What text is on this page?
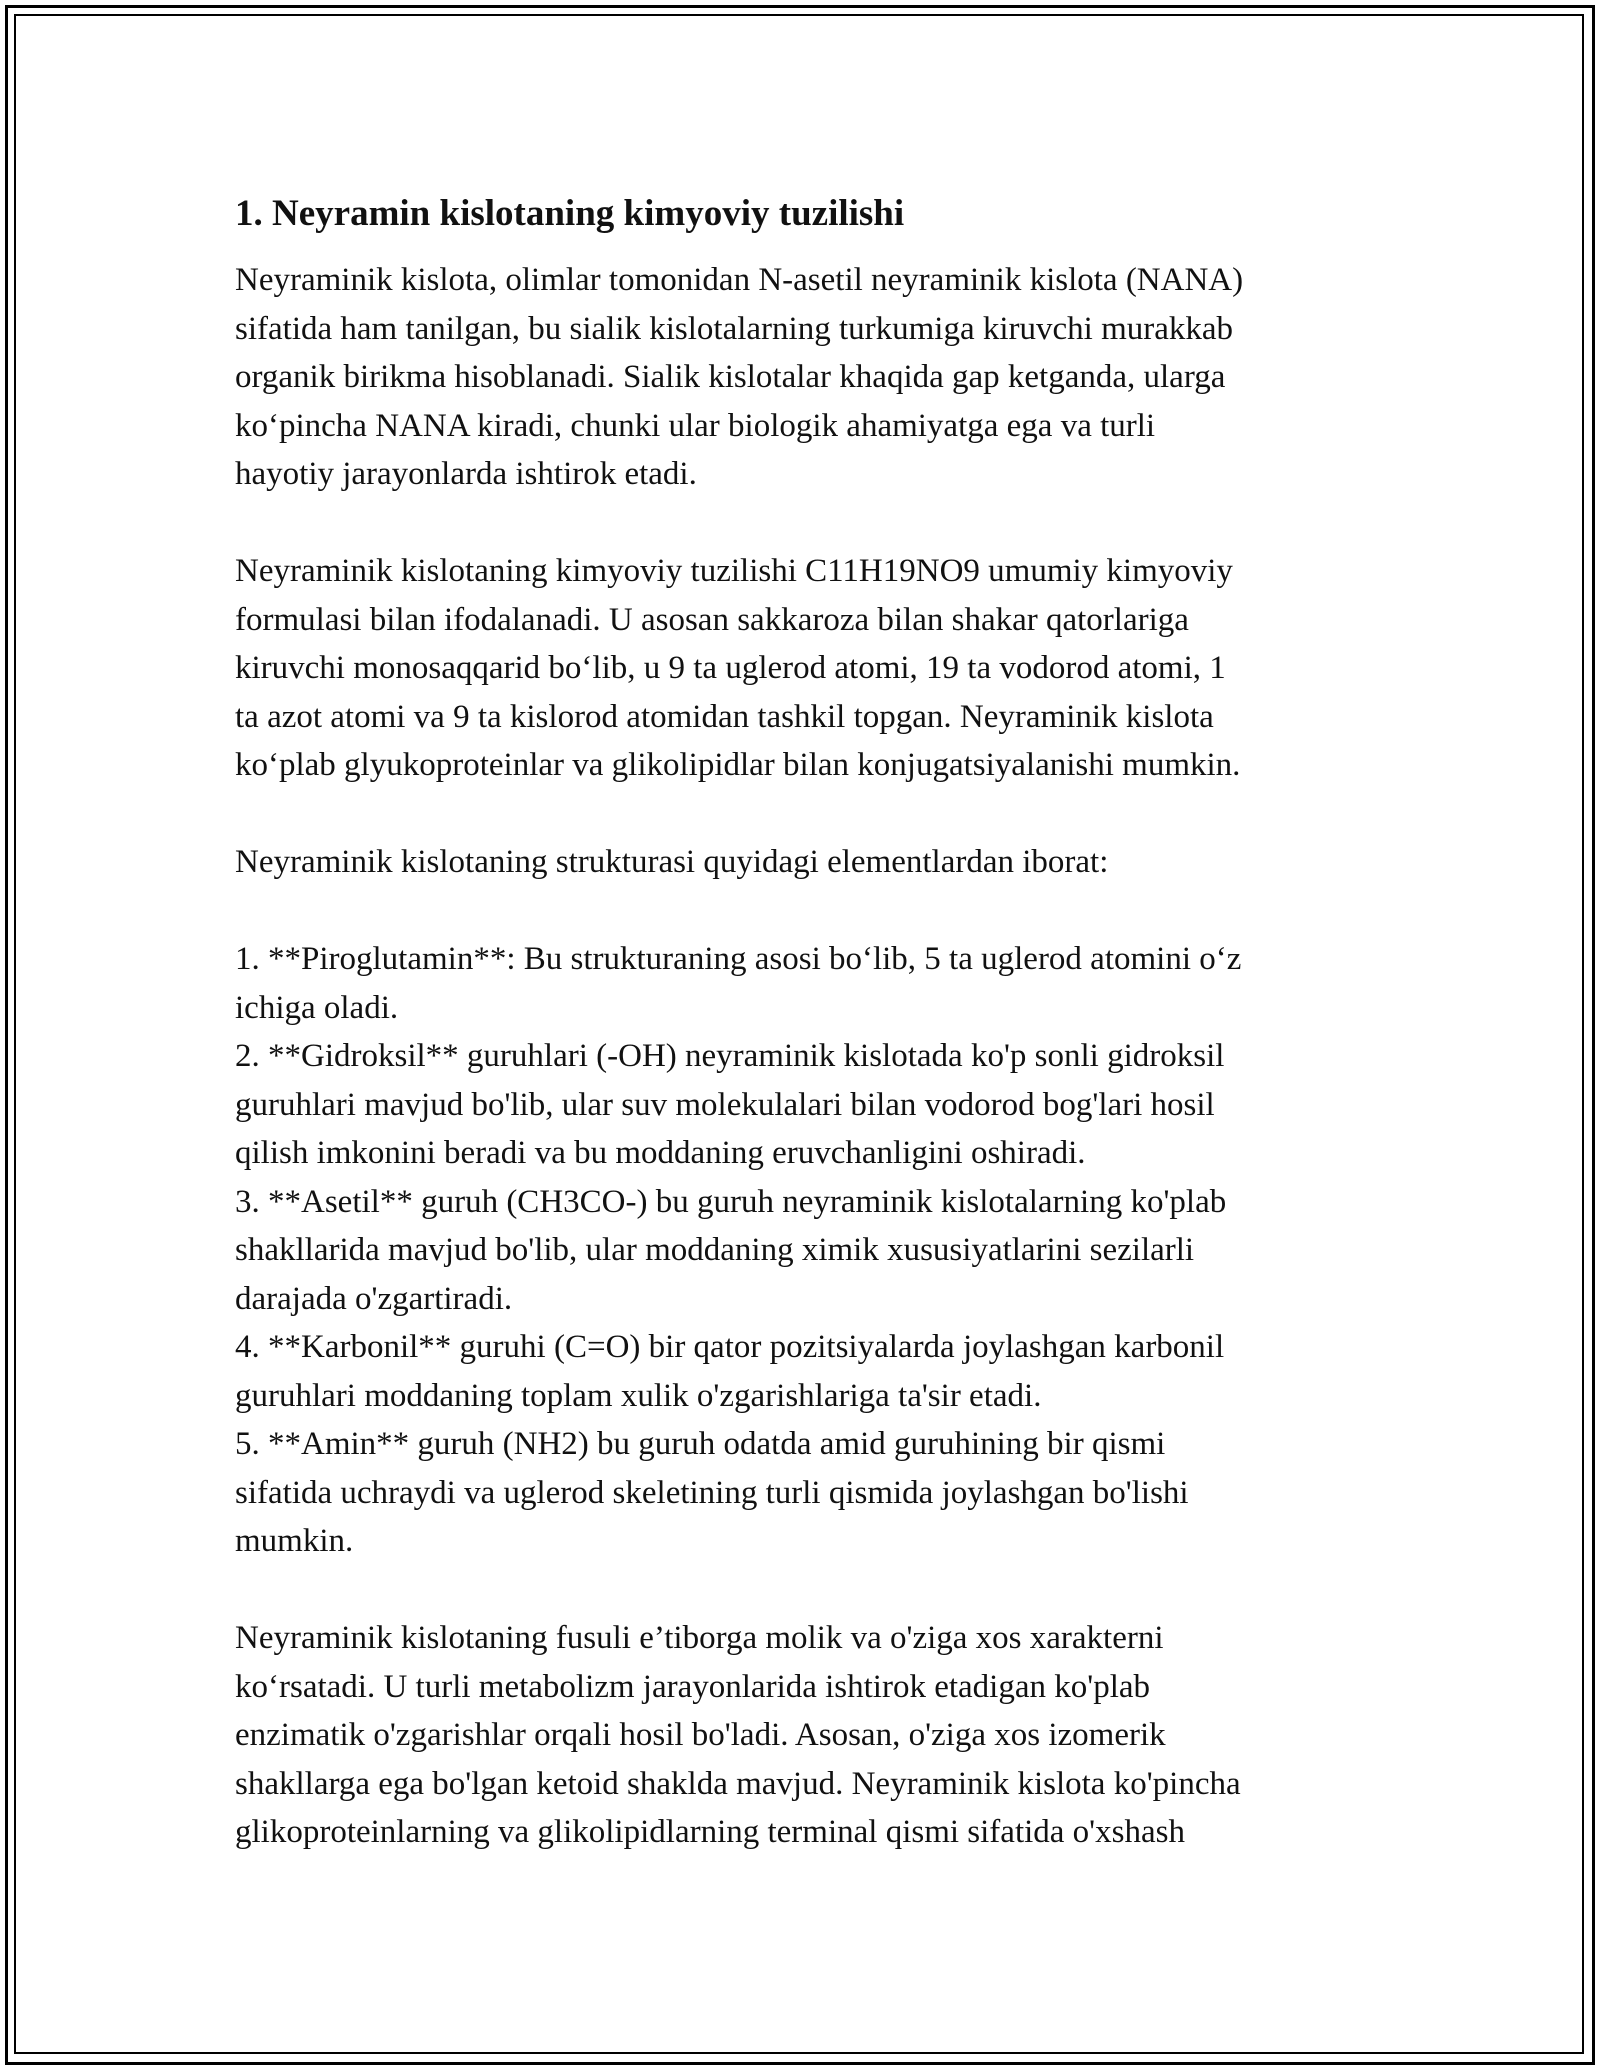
1. Neyramin kislotaning kimyoviy tuzilishi
Neyraminik kislota, olimlar tomonidan N-asetil neyraminik kislota (NANA)
sifatida ham tanilgan, bu sialik kislotalarning turkumiga kiruvchi murakkab
organik birikma hisoblanadi. Sialik kislotalar khaqida gap ketganda, ularga
ko‘pincha NANA kiradi, chunki ular biologik ahamiyatga ega va turli
hayotiy jarayonlarda ishtirok etadi.
Neyraminik kislotaning kimyoviy tuzilishi C11H19NO9 umumiy kimyoviy
formulasi bilan ifodalanadi. U asosan sakkaroza bilan shakar qatorlariga
kiruvchi monosaqqarid bo‘lib, u 9 ta uglerod atomi, 19 ta vodorod atomi, 1
ta azot atomi va 9 ta kislorod atomidan tashkil topgan. Neyraminik kislota
ko‘plab glyukoproteinlar va glikolipidlar bilan konjugatsiyalanishi mumkin.
Neyraminik kislotaning strukturasi quyidagi elementlardan iborat:
1. **Piroglutamin**: Bu strukturaning asosi bo‘lib, 5 ta uglerod atomini o‘z
ichiga oladi.
2. **Gidroksil** guruhlari (-OH) neyraminik kislotada ko'p sonli gidroksil
guruhlari mavjud bo'lib, ular suv molekulalari bilan vodorod bog'lari hosil
qilish imkonini beradi va bu moddaning eruvchanligini oshiradi.
3. **Asetil** guruh (CH3CO-) bu guruh neyraminik kislotalarning ko'plab
shakllarida mavjud bo'lib, ular moddaning ximik xususiyatlarini sezilarli
darajada o'zgartiradi.
4. **Karbonil** guruhi (C=O) bir qator pozitsiyalarda joylashgan karbonil
guruhlari moddaning toplam xulik o'zgarishlariga ta'sir etadi.
5. **Amin** guruh (NH2) bu guruh odatda amid guruhining bir qismi
sifatida uchraydi va uglerod skeletining turli qismida joylashgan bo'lishi
mumkin.
Neyraminik kislotaning fusuli e’tiborga molik va o'ziga xos xarakterni
ko‘rsatadi. U turli metabolizm jarayonlarida ishtirok etadigan ko'plab
enzimatik o'zgarishlar orqali hosil bo'ladi. Asosan, o'ziga xos izomerik
shakllarga ega bo'lgan ketoid shaklda mavjud. Neyraminik kislota ko'pincha
glikoproteinlarning va glikolipidlarning terminal qismi sifatida o'xshash
